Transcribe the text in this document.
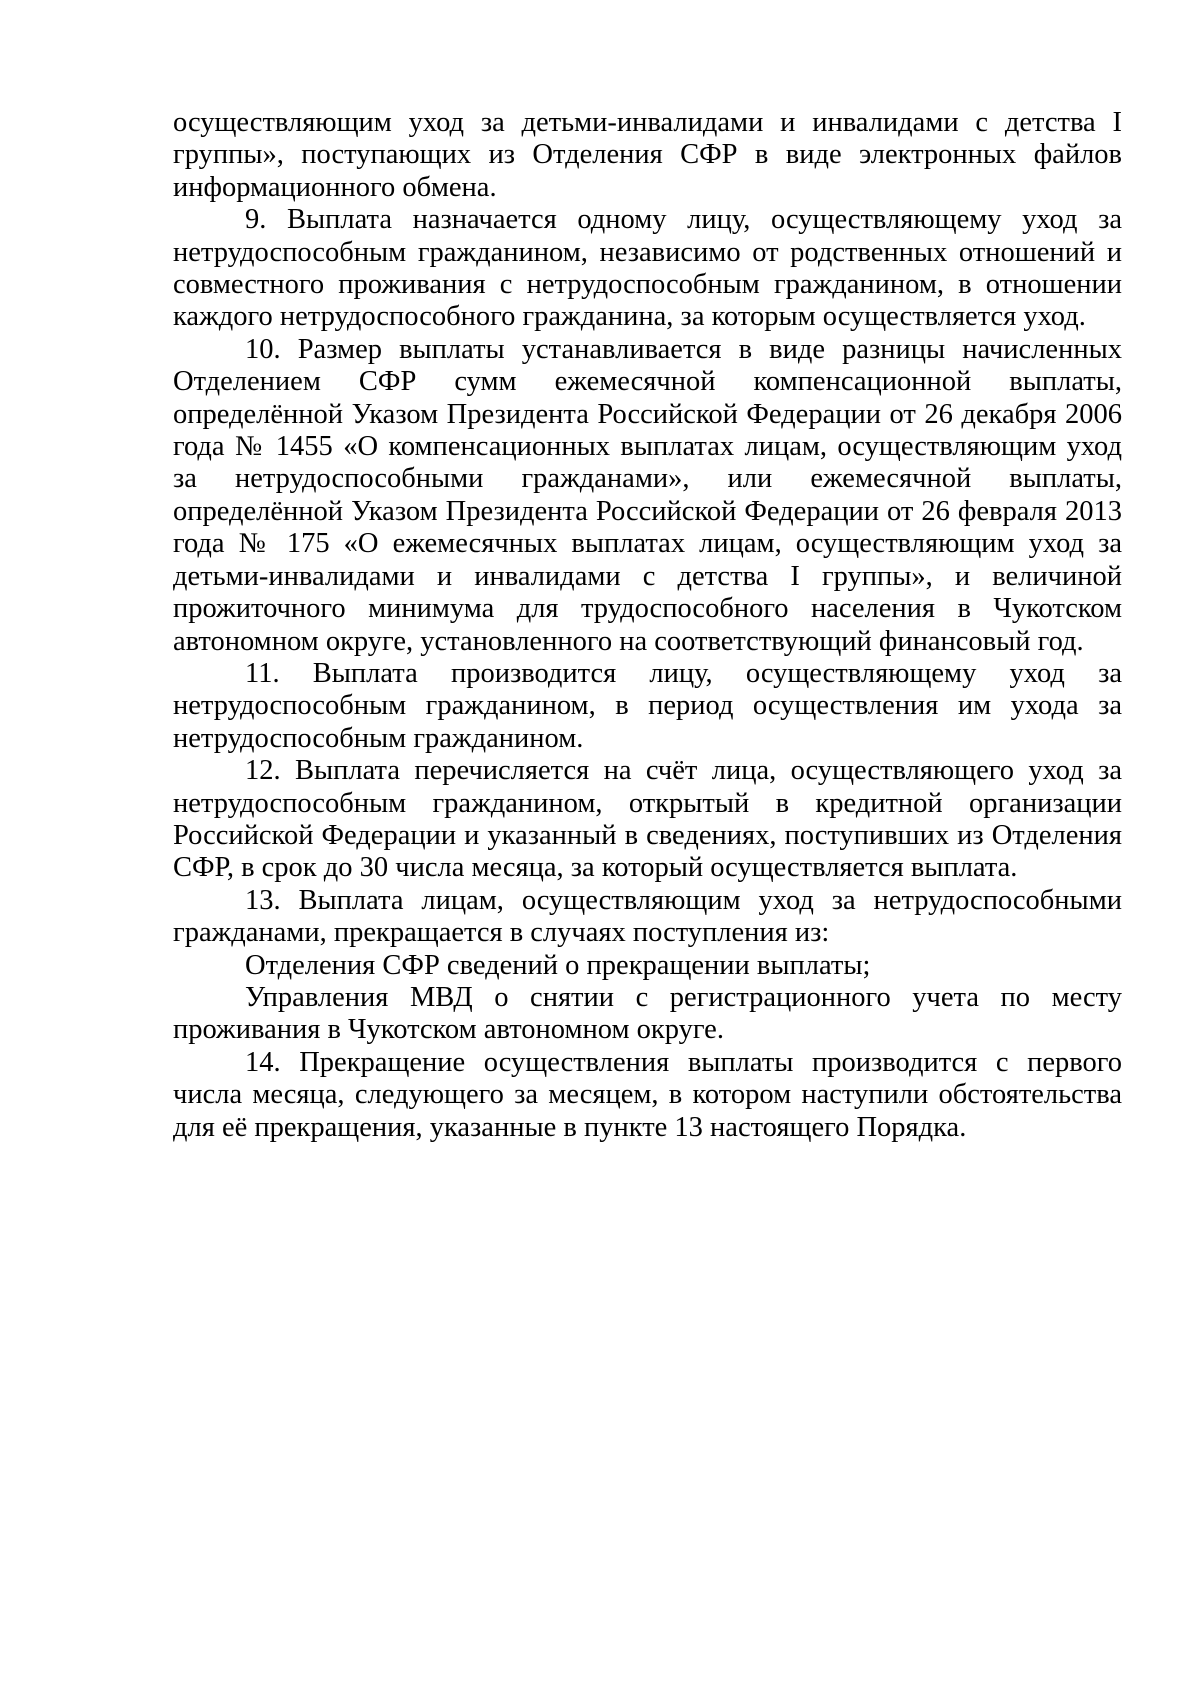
осуществляющим уход за детьми-инвалидами и инвалидами с детства I группы», поступающих из Отделения СФР в виде электронных файлов информационного обмена.

9. Выплата назначается одному лицу, осуществляющему уход за нетрудоспособным гражданином, независимо от родственных отношений и совместного проживания с нетрудоспособным гражданином, в отношении каждого нетрудоспособного гражданина, за которым осуществляется уход.

10. Размер выплаты устанавливается в виде разницы начисленных Отделением СФР сумм ежемесячной компенсационной выплаты, определённой Указом Президента Российской Федерации от 26 декабря 2006 года № 1455 «О компенсационных выплатах лицам, осуществляющим уход за нетрудоспособными гражданами», или ежемесячной выплаты, определённой Указом Президента Российской Федерации от 26 февраля 2013 года № 175 «О ежемесячных выплатах лицам, осуществляющим уход за детьми-инвалидами и инвалидами с детства I группы», и величиной прожиточного минимума для трудоспособного населения в Чукотском автономном округе, установленного на соответствующий финансовый год.

11. Выплата производится лицу, осуществляющему уход за нетрудоспособным гражданином, в период осуществления им ухода за нетрудоспособным гражданином.

12. Выплата перечисляется на счёт лица, осуществляющего уход за нетрудоспособным гражданином, открытый в кредитной организации Российской Федерации и указанный в сведениях, поступивших из Отделения СФР, в срок до 30 числа месяца, за который осуществляется выплата.

13. Выплата лицам, осуществляющим уход за нетрудоспособными гражданами, прекращается в случаях поступления из:

Отделения СФР сведений о прекращении выплаты;

Управления МВД о снятии с регистрационного учета по месту проживания в Чукотском автономном округе.

14. Прекращение осуществления выплаты производится с первого числа месяца, следующего за месяцем, в котором наступили обстоятельства для её прекращения, указанные в пункте 13 настоящего Порядка.
